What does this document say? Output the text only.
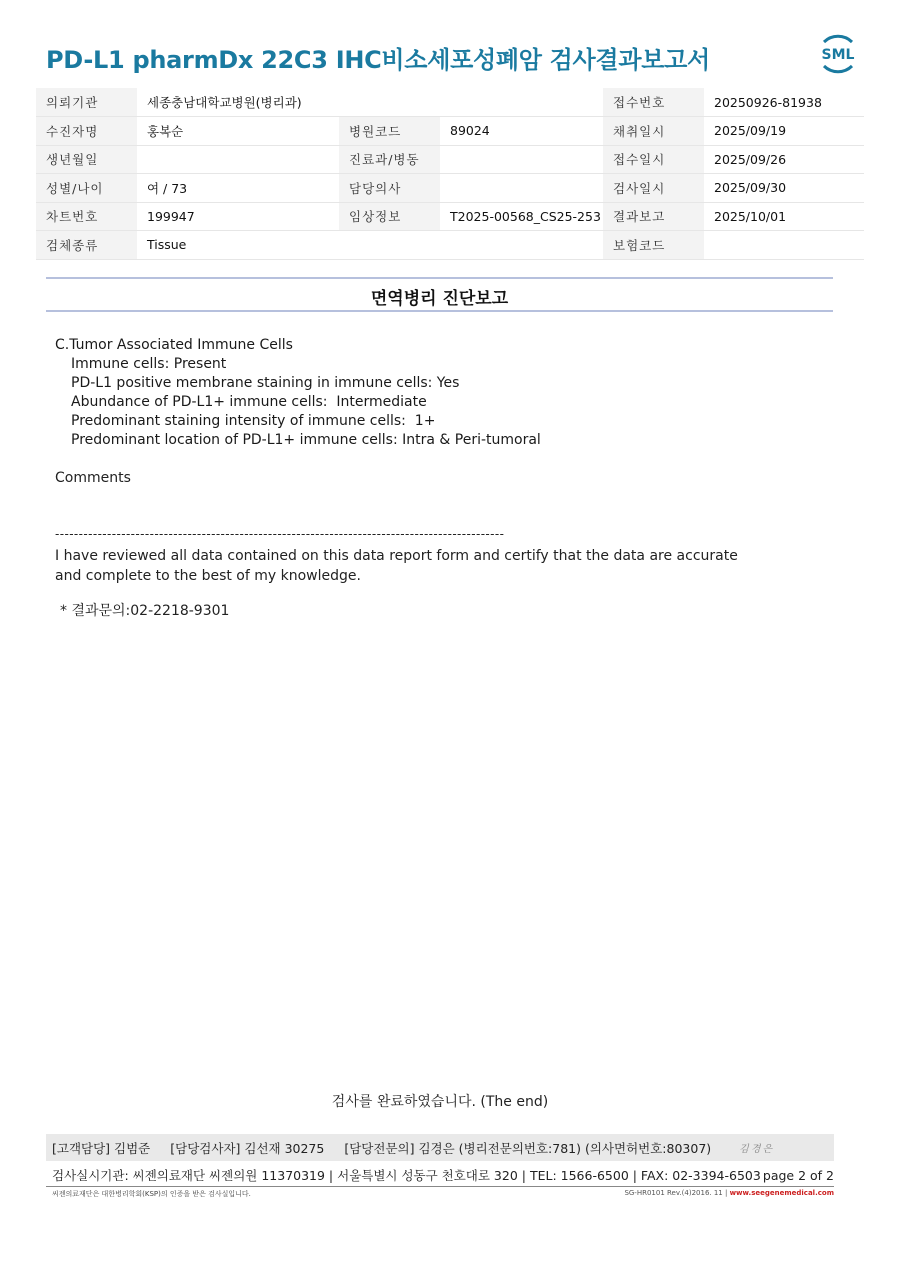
PD-L1 pharmDx 22C3 IHC비소세포성폐암 검사결과보고서	SML
의뢰기관	세종충남대학교병원(병리과)			접수번호	20250926-81938
수진자명	홍복순	병원코드	89024	채취일시	2025/09/19
생년월일		진료과/병동		접수일시	2025/09/26
성별/나이	여 / 73	담당의사		검사일시	2025/09/30
차트번호	199947	임상정보	T2025-00568_CS25-253	결과보고	2025/10/01
검체종류	Tissue			보험코드	
면역병리 진단보고
C.Tumor Associated Immune Cells
Immune cells: Present
PD-L1 positive membrane staining in immune cells: Yes
Abundance of PD-L1+ immune cells:  Intermediate
Predominant staining intensity of immune cells:  1+
Predominant location of PD-L1+ immune cells: Intra & Peri-tumoral
Comments
-----------------------------------------------------------------------------------------------
I have reviewed all data contained on this data report form and certify that the data are accurate
and complete to the best of my knowledge.
* 결과문의:02-2218-9301
검사를 완료하였습니다. (The end)
[고객담당] 김범준 [담당검사자] 김선재 30275 [담당전문의] 김경은 (병리전문의번호:781) (의사면허번호:80307)	김경은
검사실시기관: 씨젠의료재단 씨젠의원 11370319 | 서울특별시 성동구 천호대로 320 | TEL: 1566-6500 | FAX: 02-3394-6503 page 2 of 2
씨젠의료재단은 대한병리학회(KSP)의 인증을 받은 검사실입니다.	SG-HR0101 Rev.(4)2016. 11 | www.seegenemedical.com
